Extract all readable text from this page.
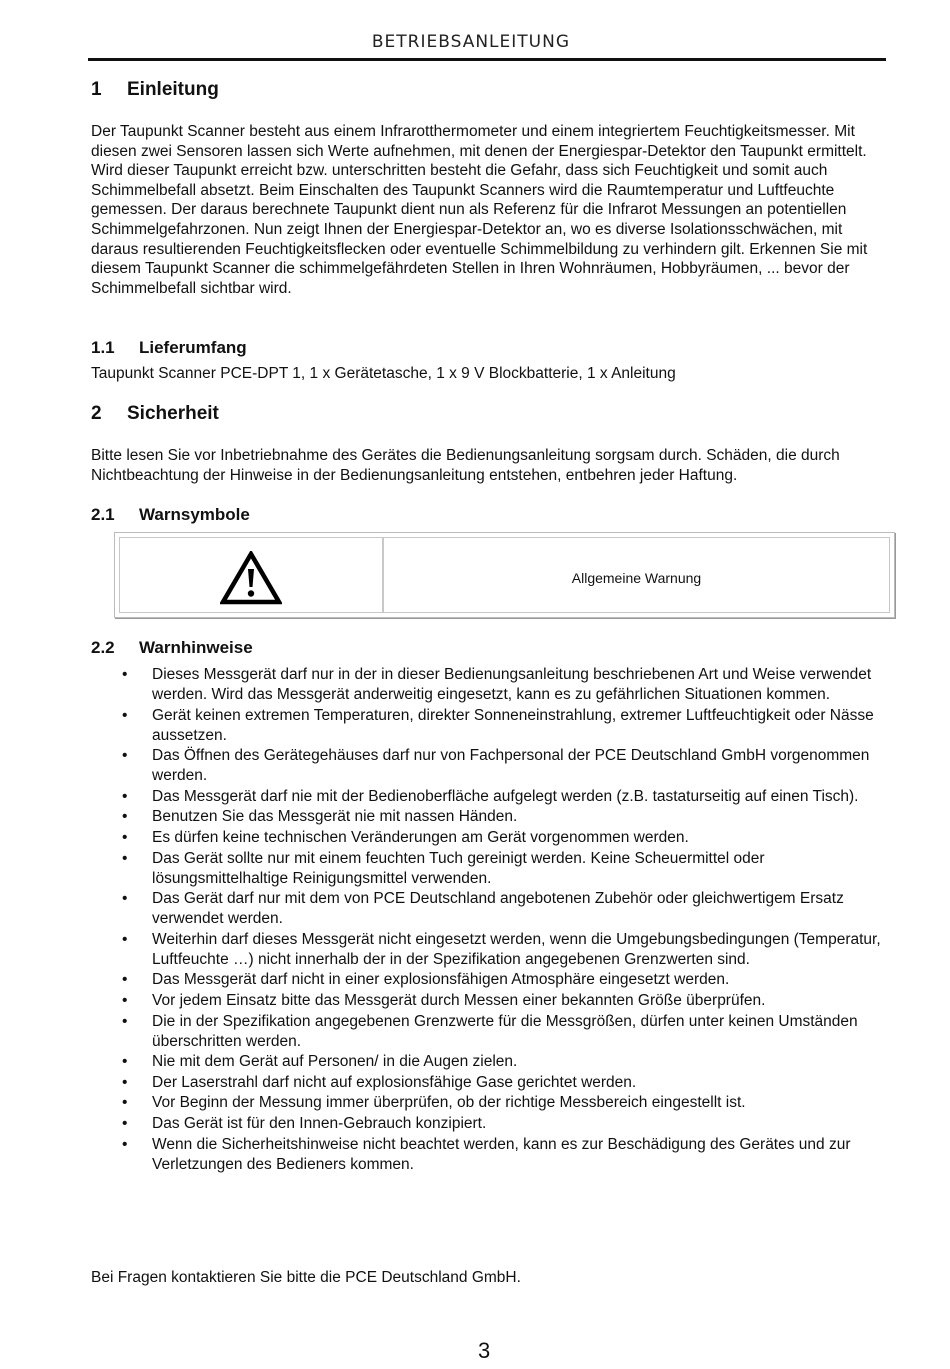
BETRIEBSANLEITUNG
1 Einleitung
Der Taupunkt Scanner besteht aus einem Infrarotthermometer und einem integriertem Feuchtigkeitsmesser. Mit diesen zwei Sensoren lassen sich Werte aufnehmen, mit denen der Energiespar-Detektor den Taupunkt ermittelt. Wird dieser Taupunkt erreicht bzw. unterschritten besteht die Gefahr, dass sich Feuchtigkeit und somit auch Schimmelbefall absetzt. Beim Einschalten des Taupunkt Scanners wird die Raumtemperatur und Luftfeuchte gemessen. Der daraus berechnete Taupunkt dient nun als Referenz für die Infrarot Messungen an potentiellen Schimmelgefahrzonen. Nun zeigt Ihnen der Energiespar-Detektor an, wo es diverse Isolationsschwächen, mit daraus resultierenden Feuchtigkeitsflecken oder eventuelle Schimmelbildung zu verhindern gilt. Erkennen Sie mit diesem Taupunkt Scanner die schimmelgefährdeten Stellen in Ihren Wohnräumen, Hobbyräumen, ... bevor der Schimmelbefall sichtbar wird.
1.1 Lieferumfang
Taupunkt Scanner PCE-DPT 1, 1 x Gerätetasche, 1 x 9 V Blockbatterie, 1 x Anleitung
2 Sicherheit
Bitte lesen Sie vor Inbetriebnahme des Gerätes die Bedienungsanleitung sorgsam durch. Schäden, die durch Nichtbeachtung der Hinweise in der Bedienungsanleitung entstehen, entbehren jeder Haftung.
2.1 Warnsymbole
Allgemeine Warnung
2.2 Warnhinweise
• Dieses Messgerät darf nur in der in dieser Bedienungsanleitung beschriebenen Art und Weise verwendet werden. Wird das Messgerät anderweitig eingesetzt, kann es zu gefährlichen Situationen kommen.
• Gerät keinen extremen Temperaturen, direkter Sonneneinstrahlung, extremer Luftfeuchtigkeit oder Nässe aussetzen.
• Das Öffnen des Gerätegehäuses darf nur von Fachpersonal der PCE Deutschland GmbH vorgenommen werden.
• Das Messgerät darf nie mit der Bedienoberfläche aufgelegt werden (z.B. tastaturseitig auf einen Tisch).
• Benutzen Sie das Messgerät nie mit nassen Händen.
• Es dürfen keine technischen Veränderungen am Gerät vorgenommen werden.
• Das Gerät sollte nur mit einem feuchten Tuch gereinigt werden. Keine Scheuermittel oder lösungsmittelhaltige Reinigungsmittel verwenden.
• Das Gerät darf nur mit dem von PCE Deutschland angebotenen Zubehör oder gleichwertigem Ersatz verwendet werden.
• Weiterhin darf dieses Messgerät nicht eingesetzt werden, wenn die Umgebungsbedingungen (Temperatur, Luftfeuchte …) nicht innerhalb der in der Spezifikation angegebenen Grenzwerten sind.
• Das Messgerät darf nicht in einer explosionsfähigen Atmosphäre eingesetzt werden.
• Vor jedem Einsatz bitte das Messgerät durch Messen einer bekannten Größe überprüfen.
• Die in der Spezifikation angegebenen Grenzwerte für die Messgrößen, dürfen unter keinen Umständen überschritten werden.
• Nie mit dem Gerät auf Personen/ in die Augen zielen.
• Der Laserstrahl darf nicht auf explosionsfähige Gase gerichtet werden.
• Vor Beginn der Messung immer überprüfen, ob der richtige Messbereich eingestellt ist.
• Das Gerät ist für den Innen-Gebrauch konzipiert.
• Wenn die Sicherheitshinweise nicht beachtet werden, kann es zur Beschädigung des Gerätes und zur Verletzungen des Bedieners kommen.
Bei Fragen kontaktieren Sie bitte die PCE Deutschland GmbH.
3
